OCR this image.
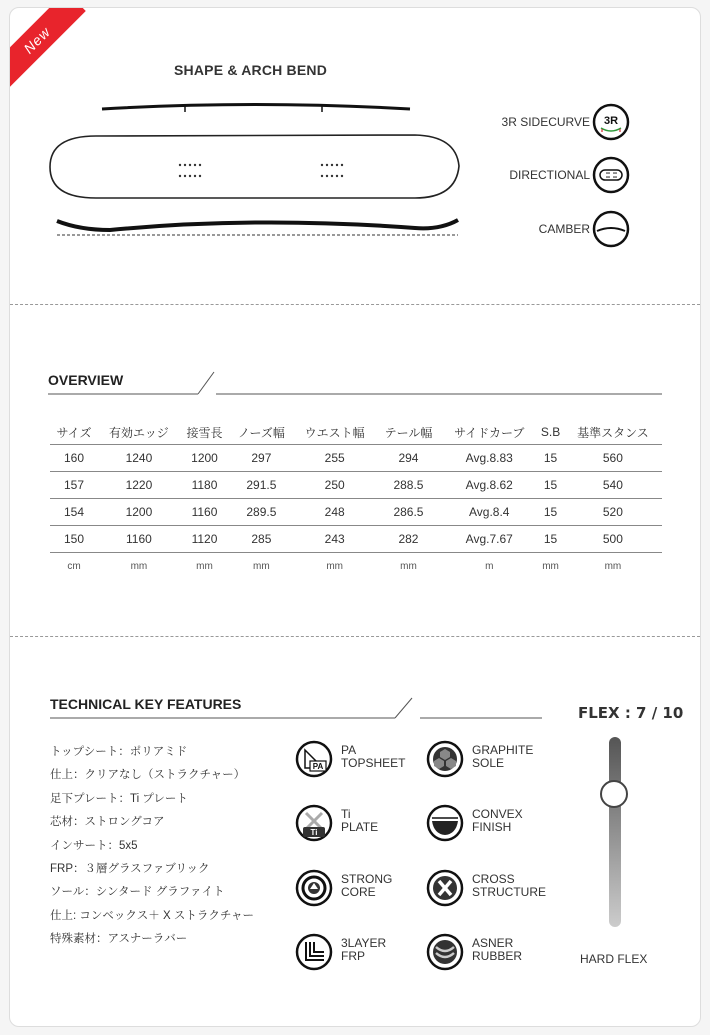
New
SHAPE & ARCH BEND
3R SIDECURVE 3R
DIRECTIONAL
CAMBER
OVERVIEW
サイズ	有効エッジ	接雪長	ノーズ幅	ウエスト幅	テール幅	サイドカーブ	S.B	基準スタンス
160	1240	1200	297	255	294	Avg.8.83	15	560
157	1220	1180	291.5	250	288.5	Avg.8.62	15	540
154	1200	1160	289.5	248	286.5	Avg.8.4	15	520
150	1160	1120	285	243	282	Avg.7.67	15	500
cm	mm	mm	mm	mm	mm	m	mm	mm
TECHNICAL KEY FEATURES
トップシート：ポリアミド
仕上：クリアなし（ストラクチャー）
足下プレート：Ti プレート
芯材：ストロングコア
インサート：5x5
FRP：３層グラスファブリック
ソール：シンタード グラファイト
仕上: コンベックス＋ X ストラクチャー
特殊素材：アスナーラバー
PA
PA
TOPSHEET
GRAPHITE
SOLE
Ti
Ti
PLATE
CONVEX
FINISH
STRONG
CORE
CROSS
STRUCTURE
3LAYER
FRP
ASNER
RUBBER
FLEX : 7 / 10
HARD FLEX
